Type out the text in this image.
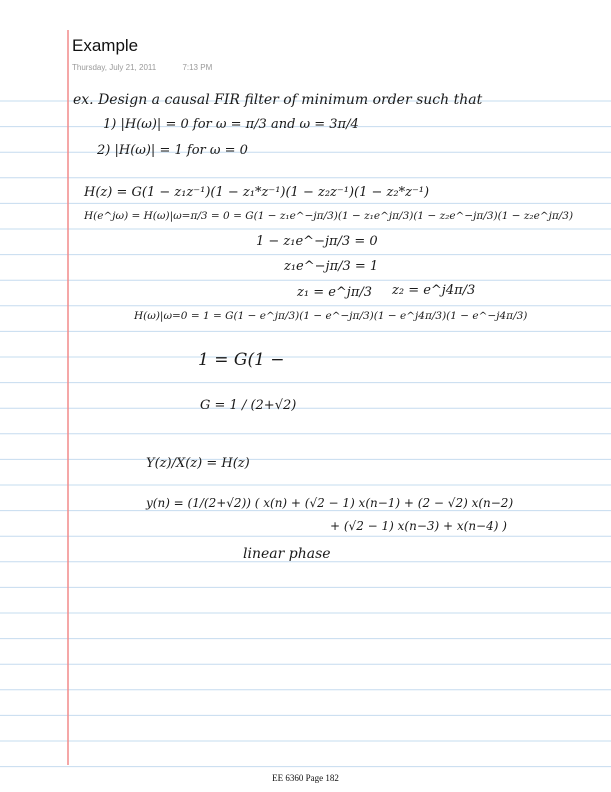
Example
Thursday, July 21, 2011	7:13 PM
ex. Design a causal FIR filter of minimum order such that
1) |H(ω)| = 0 for ω = π/3 and ω = 3π/4
2) |H(ω)| = 1 for ω = 0
H(z) = G(1 − z₁z⁻¹)(1 − z₁*z⁻¹)(1 − z₂z⁻¹)(1 − z₂*z⁻¹)
H(e^jω) = H(ω)|ω=π/3 = 0 = G(1 − z₁e^−jπ/3)(1 − z₁e^jπ/3)(1 − z₂e^−jπ/3)(1 − z₂e^jπ/3)
1 − z₁e^−jπ/3 = 0
z₁e^−jπ/3 = 1
z₁ = e^jπ/3 z₂ = e^j4π/3
H(ω)|ω=0 = 1 = G(1 − e^jπ/3)(1 − e^−jπ/3)(1 − e^j4π/3)(1 − e^−j4π/3)
1 = G(1 −
G = 1 / (2+√2)
Y(z)/X(z) = H(z)
y(n) = (1/(2+√2)) ( x(n) + (√2 − 1) x(n−1) + (2 − √2) x(n−2)
+ (√2 − 1) x(n−3) + x(n−4) )
linear phase
EE 6360 Page 182
